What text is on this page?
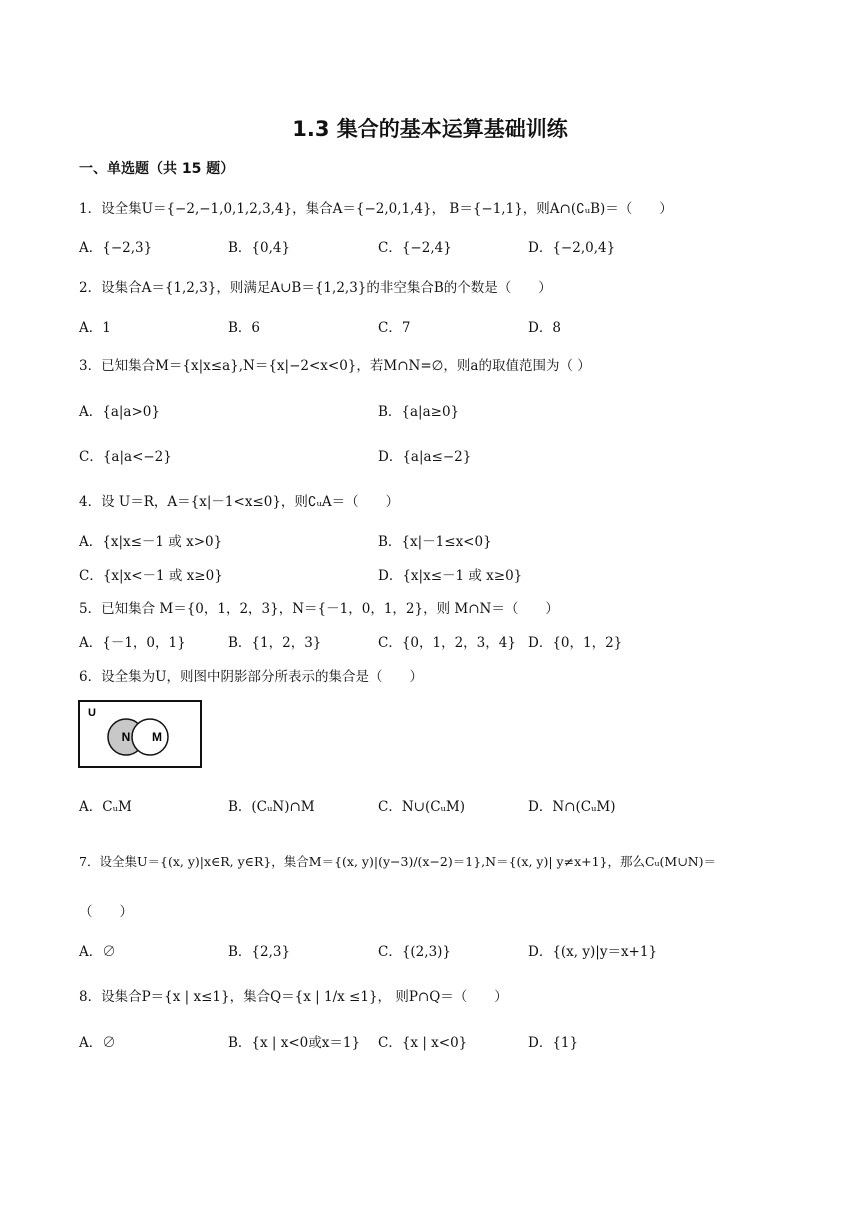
1.3 集合的基本运算基础训练
一、单选题（共 15 题）
1．设全集U＝{−2,−1,0,1,2,3,4}，集合A＝{−2,0,1,4}， B＝{−1,1}，则A∩(∁ᵤB)＝（　　）
A．{−2,3}	B．{0,4}	C．{−2,4}	D．{−2,0,4}
2．设集合A＝{1,2,3}，则满足A∪B＝{1,2,3}的非空集合B的个数是（　　）
A．1	B．6	C．7	D．8
3．已知集合M＝{x|x≤a},N＝{x|−2<x<0}，若M∩N=∅，则a的取值范围为（ ）
A．{a|a>0}	B．{a|a≥0}
C．{a|a<−2}	D．{a|a≤−2}
4．设 U＝R，A＝{x|－1<x≤0}，则∁ᵤA＝（　　）
A．{x|x≤－1 或 x>0}	B．{x|－1≤x<0}
C．{x|x<－1 或 x≥0}	D．{x|x≤－1 或 x≥0}
5．已知集合 M＝{0，1，2，3}，N＝{－1，0，1，2}，则 M∩N＝（　　）
A．{－1，0，1}	B．{1，2，3}	C．{0，1，2，3，4} D．{0，1，2}
6．设全集为U，则图中阴影部分所表示的集合是（　　）
U
N M
A．CᵤM	B．(CᵤN)∩M	C．N∪(CᵤM)	D．N∩(CᵤM)
7．设全集U＝{(x, y)|x∈R, y∈R}，集合M＝{(x, y)|(y−3)/(x−2)＝1},N＝{(x, y)| y≠x+1}，那么Cᵤ(M∪N)＝
（　　）
A．∅	B．{2,3}	C．{(2,3)}	D．{(x, y)|y＝x+1}
8．设集合P＝{x | x≤1}，集合Q＝{x | 1/x ≤1}， 则P∩Q＝（　　）
A．∅	B．{x | x<0或x＝1} C．{x | x<0}	D．{1}
